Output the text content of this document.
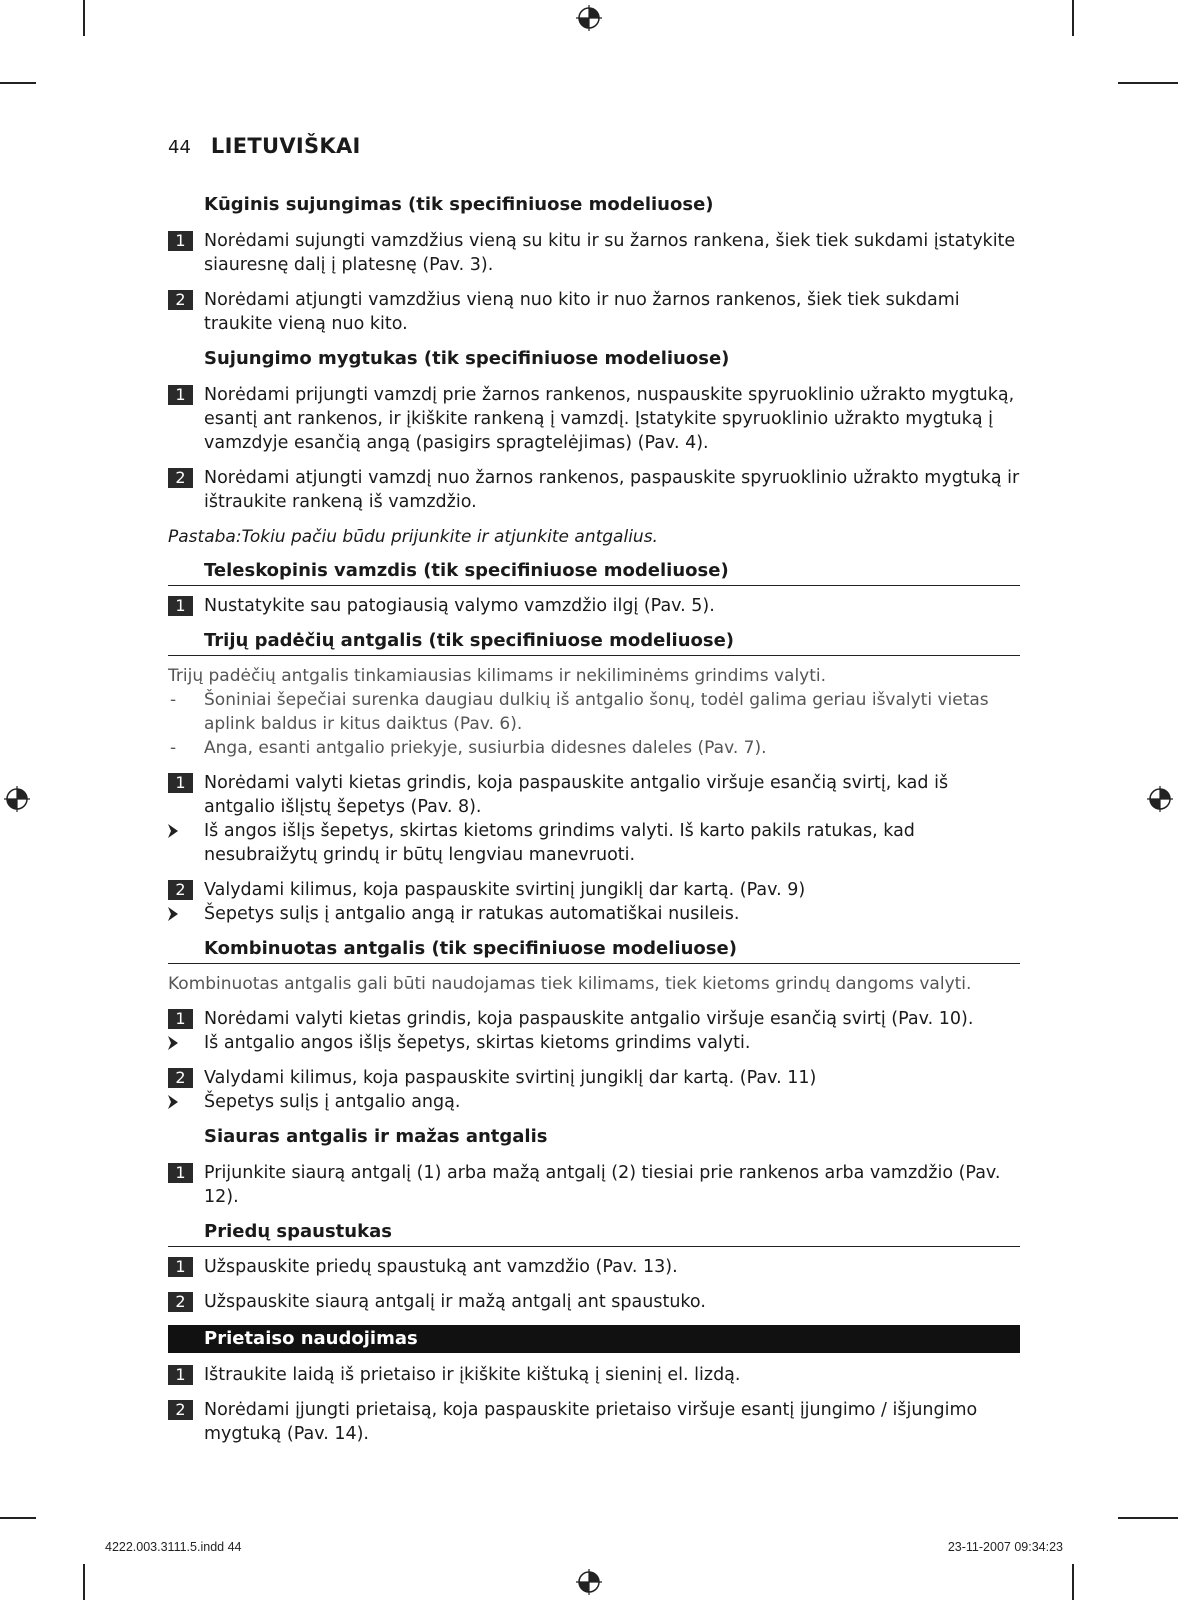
44 LIETUVIŠKAI
Kūginis sujungimas (tik specifiniuose modeliuose)
1	Norėdami sujungti vamzdžius vieną su kitu ir su žarnos rankena, šiek tiek sukdami įstatykite siauresnę dalį į platesnę (Pav. 3).
2	Norėdami atjungti vamzdžius vieną nuo kito ir nuo žarnos rankenos, šiek tiek sukdami traukite vieną nuo kito.
Sujungimo mygtukas (tik specifiniuose modeliuose)
1	Norėdami prijungti vamzdį prie žarnos rankenos, nuspauskite spyruoklinio užrakto mygtuką, esantį ant rankenos, ir įkiškite rankeną į vamzdį. Įstatykite spyruoklinio užrakto mygtuką į vamzdyje esančią angą (pasigirs spragtelėjimas) (Pav. 4).
2	Norėdami atjungti vamzdį nuo žarnos rankenos, paspauskite spyruoklinio užrakto mygtuką ir ištraukite rankeną iš vamzdžio.
Pastaba:Tokiu pačiu būdu prijunkite ir atjunkite antgalius.
Teleskopinis vamzdis (tik specifiniuose modeliuose)
1	Nustatykite sau patogiausią valymo vamzdžio ilgį (Pav. 5).
Trijų padėčių antgalis (tik specifiniuose modeliuose)
Trijų padėčių antgalis tinkamiausias kilimams ir nekiliminėms grindims valyti.
- Šoniniai šepečiai surenka daugiau dulkių iš antgalio šonų, todėl galima geriau išvalyti vietas aplink baldus ir kitus daiktus (Pav. 6).
- Anga, esanti antgalio priekyje, susiurbia didesnes daleles (Pav. 7).
1	Norėdami valyti kietas grindis, koja paspauskite antgalio viršuje esančią svirtį, kad iš antgalio išlįstų šepetys (Pav. 8).
Iš angos išlįs šepetys, skirtas kietoms grindims valyti. Iš karto pakils ratukas, kad nesubraižytų grindų ir būtų lengviau manevruoti.
2	Valydami kilimus, koja paspauskite svirtinį jungiklį dar kartą. (Pav. 9)
Šepetys sulįs į antgalio angą ir ratukas automatiškai nusileis.
Kombinuotas antgalis (tik specifiniuose modeliuose)
Kombinuotas antgalis gali būti naudojamas tiek kilimams, tiek kietoms grindų dangoms valyti.
1	Norėdami valyti kietas grindis, koja paspauskite antgalio viršuje esančią svirtį (Pav. 10).
Iš antgalio angos išlįs šepetys, skirtas kietoms grindims valyti.
2	Valydami kilimus, koja paspauskite svirtinį jungiklį dar kartą. (Pav. 11)
Šepetys sulįs į antgalio angą.
Siauras antgalis ir mažas antgalis
1	Prijunkite siaurą antgalį (1) arba mažą antgalį (2) tiesiai prie rankenos arba vamzdžio (Pav. 12).
Priedų spaustukas
1	Užspauskite priedų spaustuką ant vamzdžio (Pav. 13).
2	Užspauskite siaurą antgalį ir mažą antgalį ant spaustuko.
Prietaiso naudojimas
1	Ištraukite laidą iš prietaiso ir įkiškite kištuką į sieninį el. lizdą.
2	Norėdami įjungti prietaisą, koja paspauskite prietaiso viršuje esantį įjungimo / išjungimo mygtuką (Pav. 14).
4222.003.3111.5.indd 44	23-11-2007 09:34:23
